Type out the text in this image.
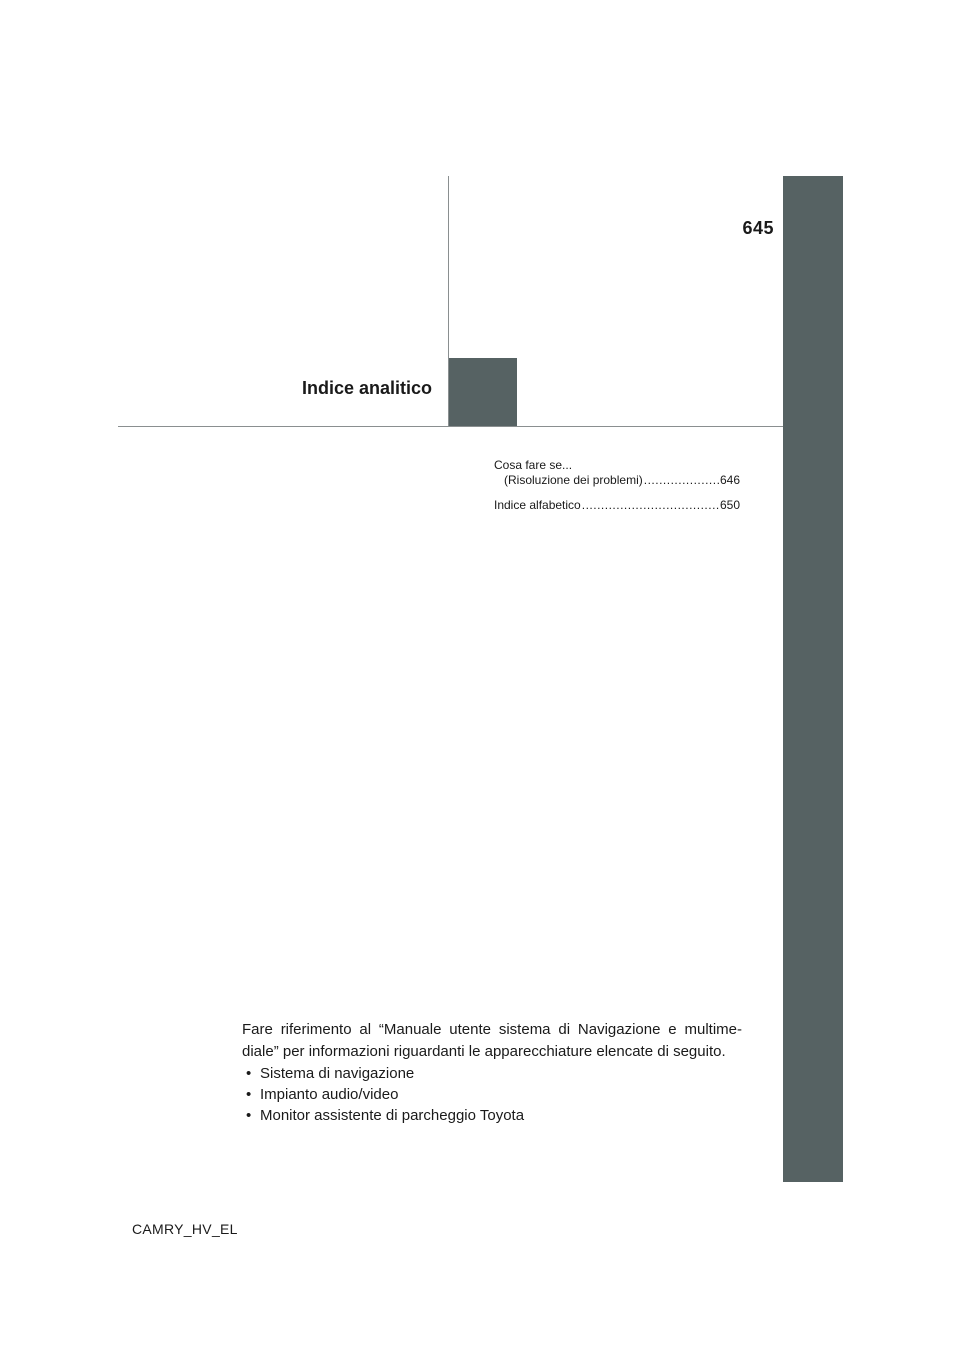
645
Indice analitico
Cosa fare se...
(Risoluzione dei problemi) .....	646
Indice alfabetico .....	650

Fare riferimento al “Manuale utente sistema di Navigazione e multime-diale” per informazioni riguardanti le apparecchiature elencate di seguito.

• Sistema di navigazione
• Impianto audio/video
• Monitor assistente di parcheggio Toyota
CAMRY_HV_EL
